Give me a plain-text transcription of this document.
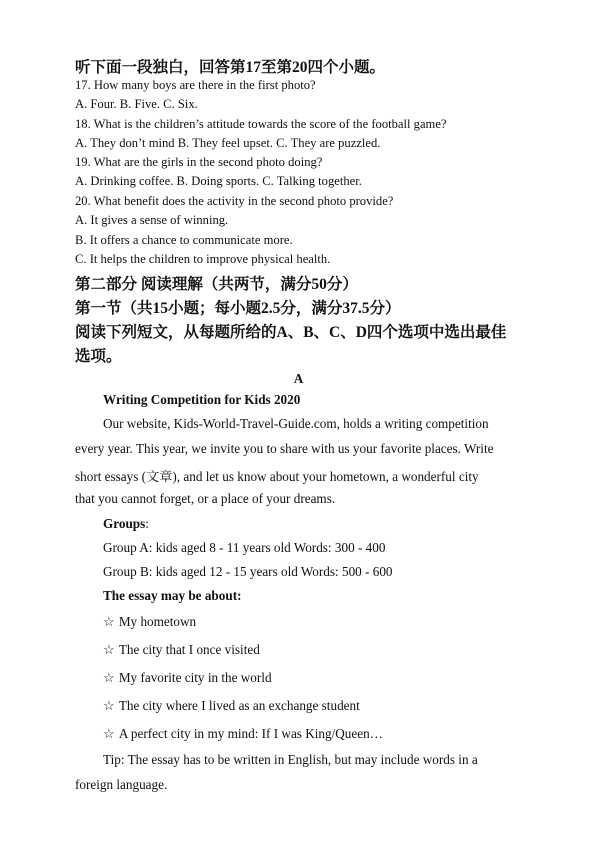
听下面一段独白，回答第17至第20四个小题。
17. How many boys are there in the first photo?
A. Four. B. Five. C. Six.
18. What is the children’s attitude towards the score of the football game?
A. They don’t mind B. They feel upset. C. They are puzzled.
19. What are the girls in the second photo doing?
A. Drinking coffee. B. Doing sports. C. Talking together.
20. What benefit does the activity in the second photo provide?
A. It gives a sense of winning.
B. It offers a chance to communicate more.
C. It helps the children to improve physical health.
第二部分 阅读理解（共两节，满分50分）
第一节（共15小题；每小题2.5分，满分37.5分）
阅读下列短文，从每题所给的A、B、C、D四个选项中选出最佳
选项。
A
Writing Competition for Kids 2020
Our website, Kids-World-Travel-Guide.com, holds a writing competition
every year. This year, we invite you to share with us your favorite places. Write
short essays (文章), and let us know about your hometown, a wonderful city
that you cannot forget, or a place of your dreams.
Groups:
Group A: kids aged 8 - 11 years old Words: 300 - 400
Group B: kids aged 12 - 15 years old Words: 500 - 600
The essay may be about:
☆ My hometown
☆ The city that I once visited
☆ My favorite city in the world
☆ The city where I lived as an exchange student
☆ A perfect city in my mind: If I was King/Queen…
Tip: The essay has to be written in English, but may include words in a
foreign language.
